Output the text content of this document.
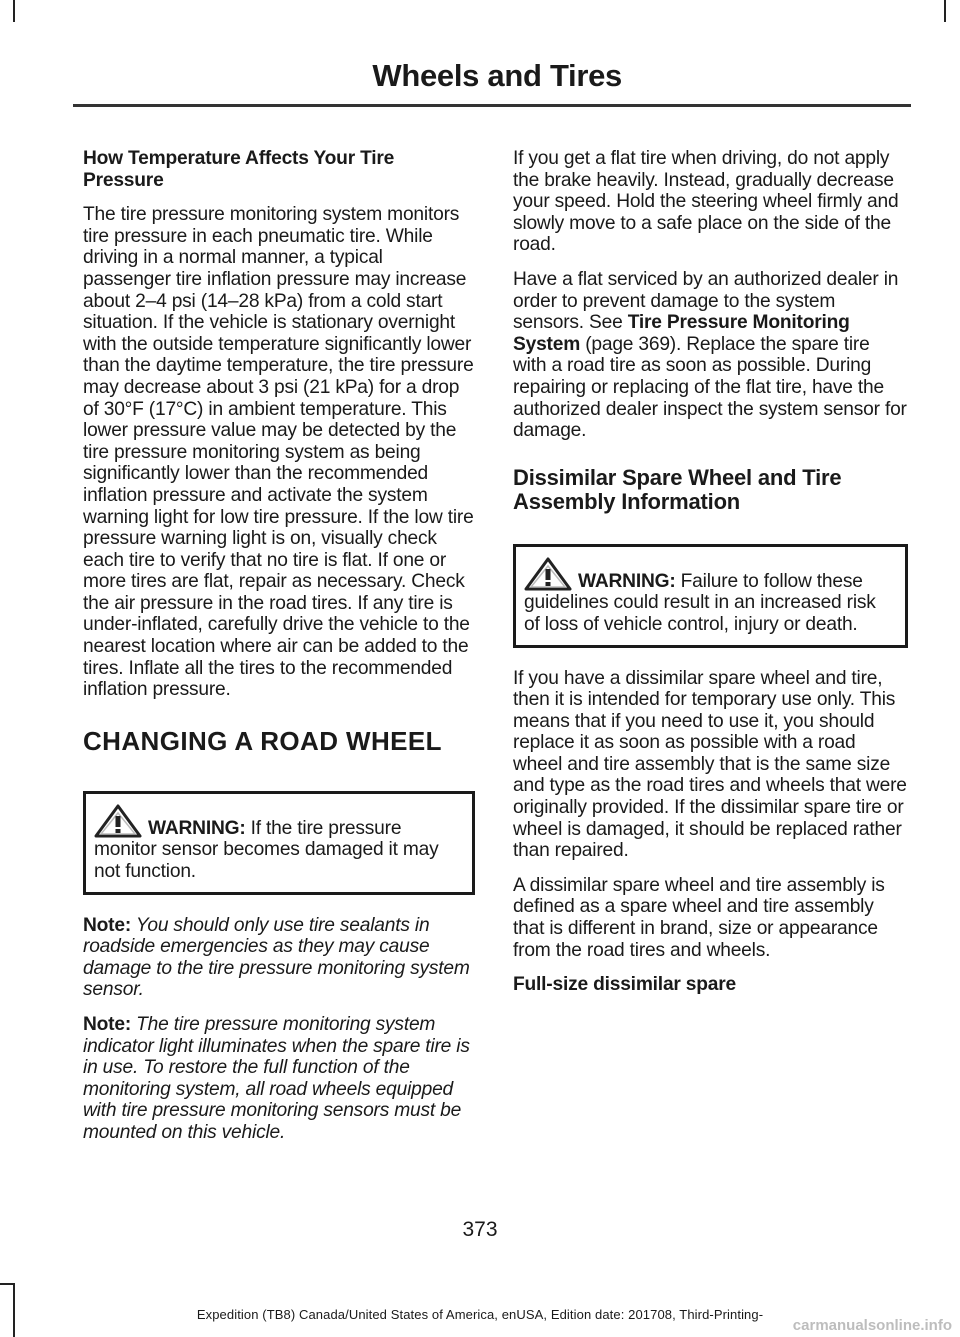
Wheels and Tires

How Temperature Affects Your Tire Pressure

The tire pressure monitoring system monitors tire pressure in each pneumatic tire. While driving in a normal manner, a typical passenger tire inflation pressure may increase about 2–4 psi (14–28 kPa) from a cold start situation. If the vehicle is stationary overnight with the outside temperature significantly lower than the daytime temperature, the tire pressure may decrease about 3 psi (21 kPa) for a drop of 30°F (17°C) in ambient temperature. This lower pressure value may be detected by the tire pressure monitoring system as being significantly lower than the recommended inflation pressure and activate the system warning light for low tire pressure. If the low tire pressure warning light is on, visually check each tire to verify that no tire is flat. If one or more tires are flat, repair as necessary. Check the air pressure in the road tires. If any tire is under-inflated, carefully drive the vehicle to the nearest location where air can be added to the tires. Inflate all the tires to the recommended inflation pressure.

CHANGING A ROAD WHEEL
WARNING: If the tire pressure monitor sensor becomes damaged it may not function.

Note: You should only use tire sealants in roadside emergencies as they may cause damage to the tire pressure monitoring system sensor.

Note: The tire pressure monitoring system indicator light illuminates when the spare tire is in use. To restore the full function of the monitoring system, all road wheels equipped with tire pressure monitoring sensors must be mounted on this vehicle.

If you get a flat tire when driving, do not apply the brake heavily. Instead, gradually decrease your speed. Hold the steering wheel firmly and slowly move to a safe place on the side of the road.

Have a flat serviced by an authorized dealer in order to prevent damage to the system sensors. See Tire Pressure Monitoring System (page 369). Replace the spare tire with a road tire as soon as possible. During repairing or replacing of the flat tire, have the authorized dealer inspect the system sensor for damage.

Dissimilar Spare Wheel and Tire Assembly Information
WARNING: Failure to follow these guidelines could result in an increased risk of loss of vehicle control, injury or death.

If you have a dissimilar spare wheel and tire, then it is intended for temporary use only. This means that if you need to use it, you should replace it as soon as possible with a road wheel and tire assembly that is the same size and type as the road tires and wheels that were originally provided. If the dissimilar spare tire or wheel is damaged, it should be replaced rather than repaired.

A dissimilar spare wheel and tire assembly is defined as a spare wheel and tire assembly that is different in brand, size or appearance from the road tires and wheels.

Full-size dissimilar spare

373
Expedition (TB8) Canada/United States of America, enUSA, Edition date: 201708, Third-Printing-
carmanualsonline.info
